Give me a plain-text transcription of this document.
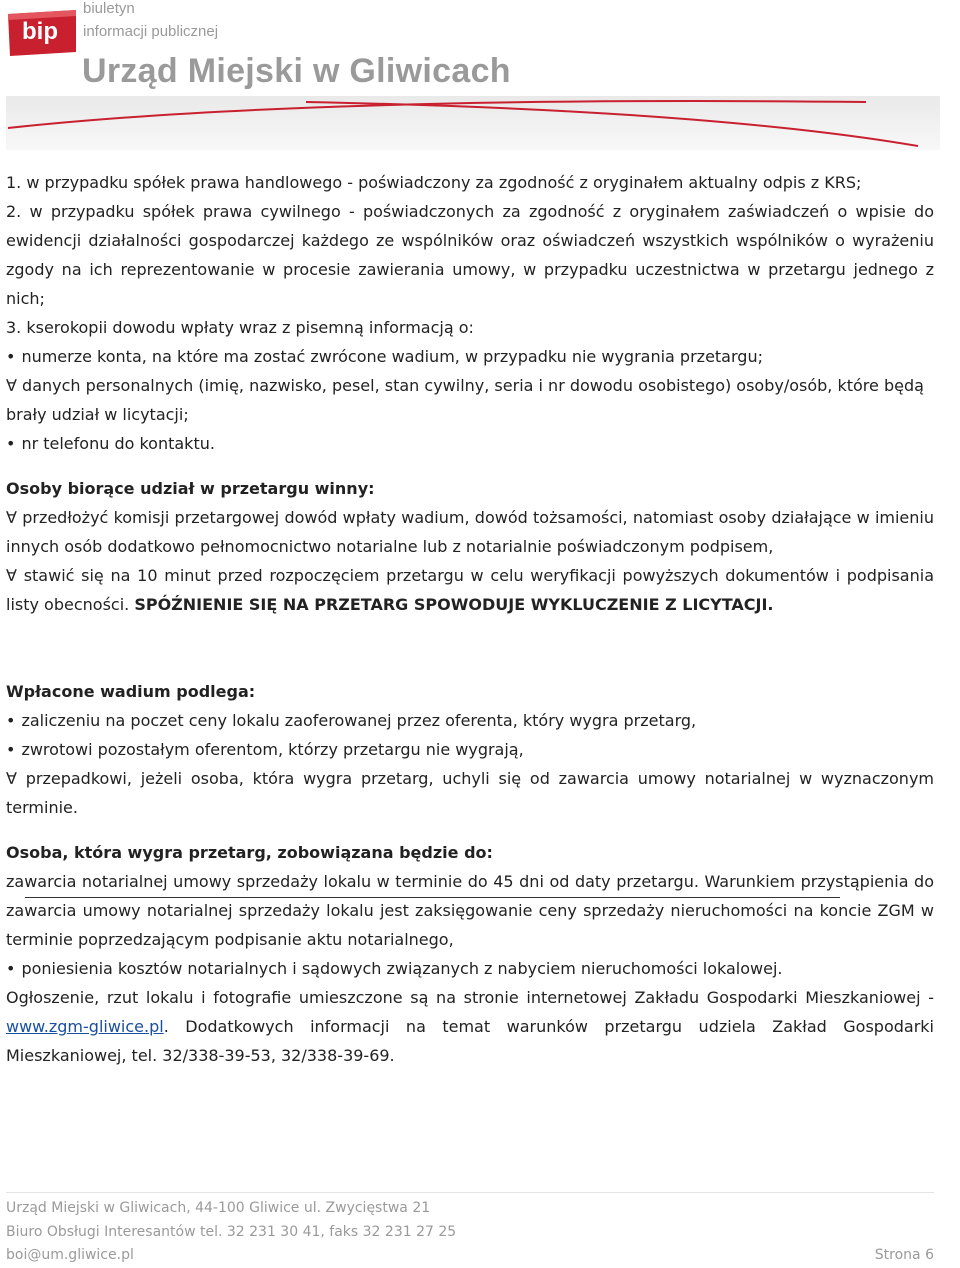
bip
biuletyn
informacji publicznej
Urząd Miejski w Gliwicach

1. w przypadku spółek prawa handlowego - poświadczony za zgodność z oryginałem aktualny odpis z KRS;

2. w przypadku spółek prawa cywilnego - poświadczonych za zgodność z oryginałem zaświadczeń o wpisie do ewidencji działalności gospodarczej każdego ze wspólników oraz oświadczeń wszystkich wspólników o wyrażeniu zgody na ich reprezentowanie w procesie zawierania umowy, w przypadku uczestnictwa w przetargu jednego z nich;

3. kserokopii dowodu wpłaty wraz z pisemną informacją o:

• numerze konta, na które ma zostać zwrócone wadium, w przypadku nie wygrania przetargu;

∀ danych personalnych (imię, nazwisko, pesel, stan cywilny, seria i nr dowodu osobistego) osoby/osób, które będą brały udział w licytacji;

• nr telefonu do kontaktu.

Osoby biorące udział w przetargu winny:

∀ przedłożyć komisji przetargowej dowód wpłaty wadium, dowód tożsamości, natomiast osoby działające w imieniu innych osób dodatkowo pełnomocnictwo notarialne lub z notarialnie poświadczonym podpisem,

∀ stawić się na 10 minut przed rozpoczęciem przetargu w celu weryfikacji powyższych dokumentów i podpisania listy obecności. SPÓŹNIENIE SIĘ NA PRZETARG SPOWODUJE WYKLUCZENIE Z LICYTACJI.

Wpłacone wadium podlega:

• zaliczeniu na poczet ceny lokalu zaoferowanej przez oferenta, który wygra przetarg,

• zwrotowi pozostałym oferentom, którzy przetargu nie wygrają,

∀ przepadkowi, jeżeli osoba, która wygra przetarg, uchyli się od zawarcia umowy notarialnej w wyznaczonym terminie.

Osoba, która wygra przetarg, zobowiązana będzie do:

zawarcia notarialnej umowy sprzedaży lokalu w terminie do 45 dni od daty przetargu. Warunkiem przystąpienia do zawarcia umowy notarialnej sprzedaży lokalu jest zaksięgowanie ceny sprzedaży nieruchomości na koncie ZGM w terminie poprzedzającym podpisanie aktu notarialnego,

• poniesienia kosztów notarialnych i sądowych związanych z nabyciem nieruchomości lokalowej.

Ogłoszenie, rzut lokalu i fotografie umieszczone są na stronie internetowej Zakładu Gospodarki Mieszkaniowej - www.zgm-gliwice.pl. Dodatkowych informacji na temat warunków przetargu udziela Zakład Gospodarki Mieszkaniowej, tel. 32/338-39-53, 32/338-39-69.

Urząd Miejski w Gliwicach, 44-100 Gliwice ul. Zwycięstwa 21
Biuro Obsługi Interesantów tel. 32 231 30 41, faks 32 231 27 25
boi@um.gliwice.pl	Strona 6
